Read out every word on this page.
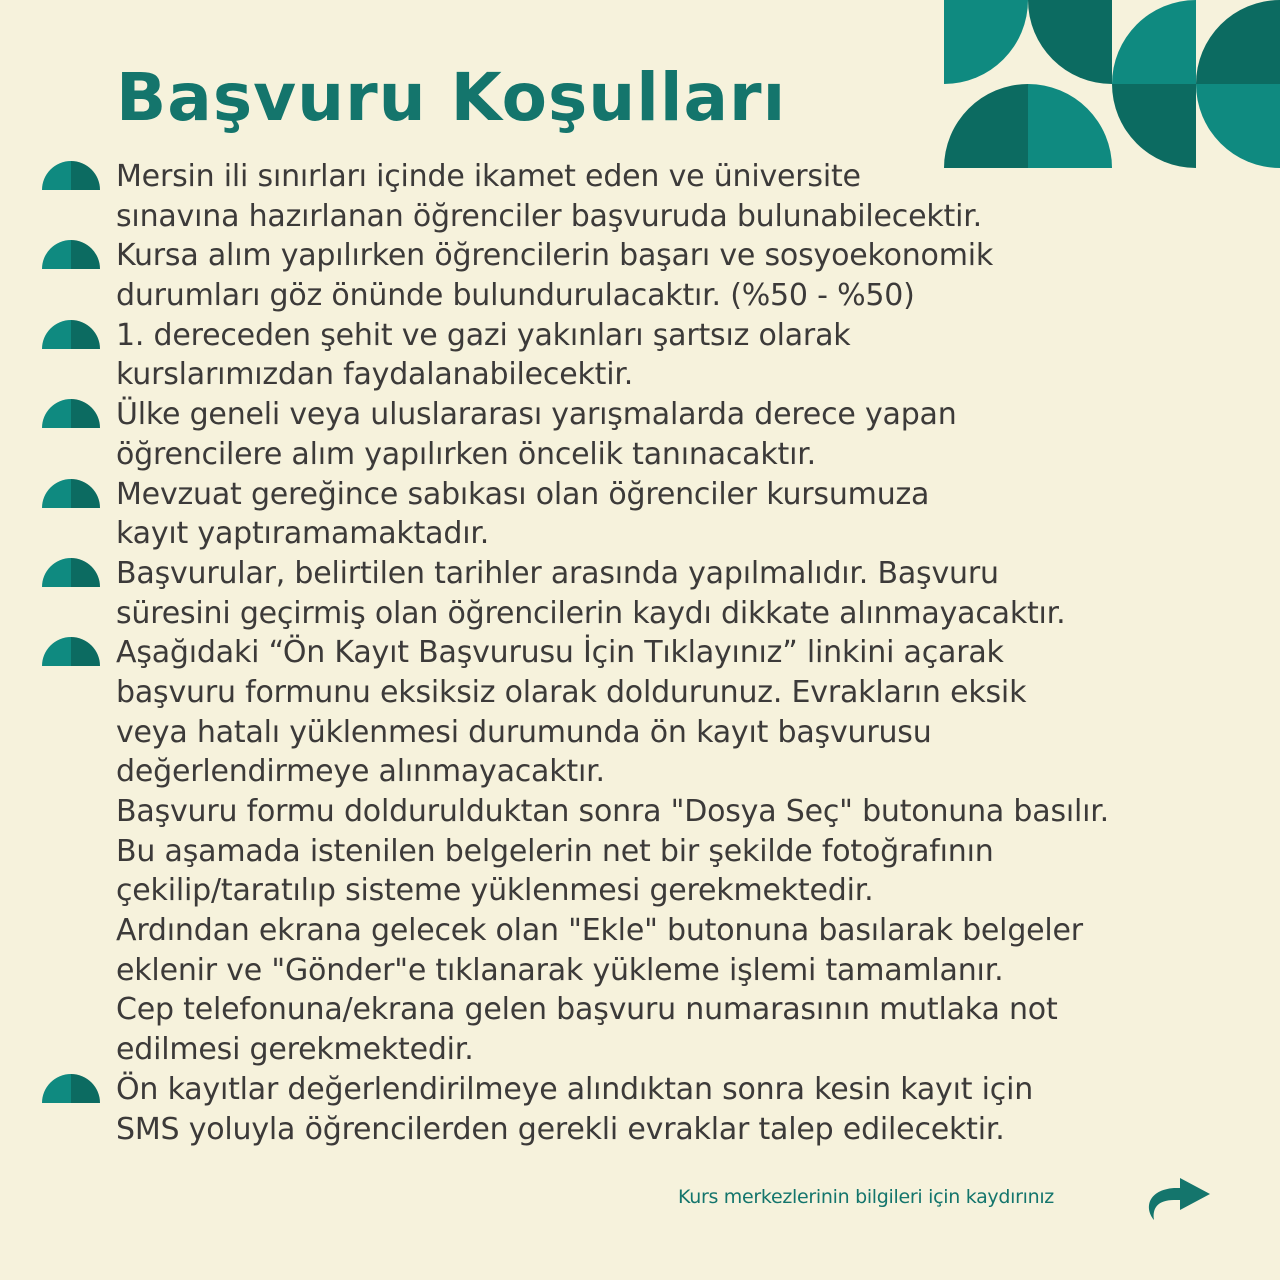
Başvuru Koşulları
Mersin ili sınırları içinde ikamet eden ve üniversite
sınavına hazırlanan öğrenciler başvuruda bulunabilecektir.
Kursa alım yapılırken öğrencilerin başarı ve sosyoekonomik
durumları göz önünde bulundurulacaktır. (%50 - %50)
1. dereceden şehit ve gazi yakınları şartsız olarak
kurslarımızdan faydalanabilecektir.
Ülke geneli veya uluslararası yarışmalarda derece yapan
öğrencilere alım yapılırken öncelik tanınacaktır.
Mevzuat gereğince sabıkası olan öğrenciler kursumuza
kayıt yaptıramamaktadır.
Başvurular, belirtilen tarihler arasında yapılmalıdır. Başvuru
süresini geçirmiş olan öğrencilerin kaydı dikkate alınmayacaktır.
Aşağıdaki “Ön Kayıt Başvurusu İçin Tıklayınız” linkini açarak
başvuru formunu eksiksiz olarak doldurunuz. Evrakların eksik
veya hatalı yüklenmesi durumunda ön kayıt başvurusu
değerlendirmeye alınmayacaktır.
Başvuru formu doldurulduktan sonra "Dosya Seç" butonuna basılır.
Bu aşamada istenilen belgelerin net bir şekilde fotoğrafının
çekilip/taratılıp sisteme yüklenmesi gerekmektedir.
Ardından ekrana gelecek olan "Ekle" butonuna basılarak belgeler
eklenir ve "Gönder"e tıklanarak yükleme işlemi tamamlanır.
Cep telefonuna/ekrana gelen başvuru numarasının mutlaka not
edilmesi gerekmektedir.
Ön kayıtlar değerlendirilmeye alındıktan sonra kesin kayıt için
SMS yoluyla öğrencilerden gerekli evraklar talep edilecektir.
Kurs merkezlerinin bilgileri için kaydırınız
